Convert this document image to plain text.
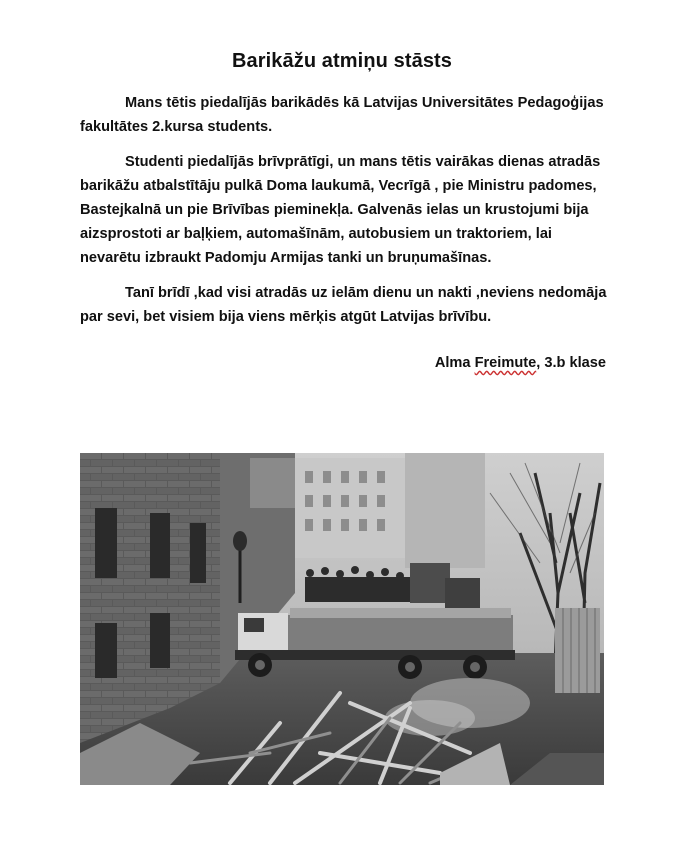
Barikāžu atmiņu stāsts

Mans tētis piedalījās barikādēs kā Latvijas Universitātes Pedagoģijas fakultātes 2.kursa students.

Studenti piedalījās brīvprātīgi, un mans tētis vairākas dienas atradās barikāžu atbalstītāju pulkā Doma laukumā, Vecrīgā , pie Ministru padomes, Bastejkalnā un pie Brīvības pieminekļa. Galvenās ielas un krustojumi bija aizsprostoti ar baļķiem, automašīnām, autobusiem un traktoriem, lai nevarētu izbraukt Padomju Armijas tanki un bruņumašīnas.

Tanī brīdī ,kad visi atradās uz ielām dienu un nakti ,neviens nedomāja par sevi, bet visiem bija viens mērķis atgūt Latvijas brīvību.

Alma Freimute, 3.b klase
